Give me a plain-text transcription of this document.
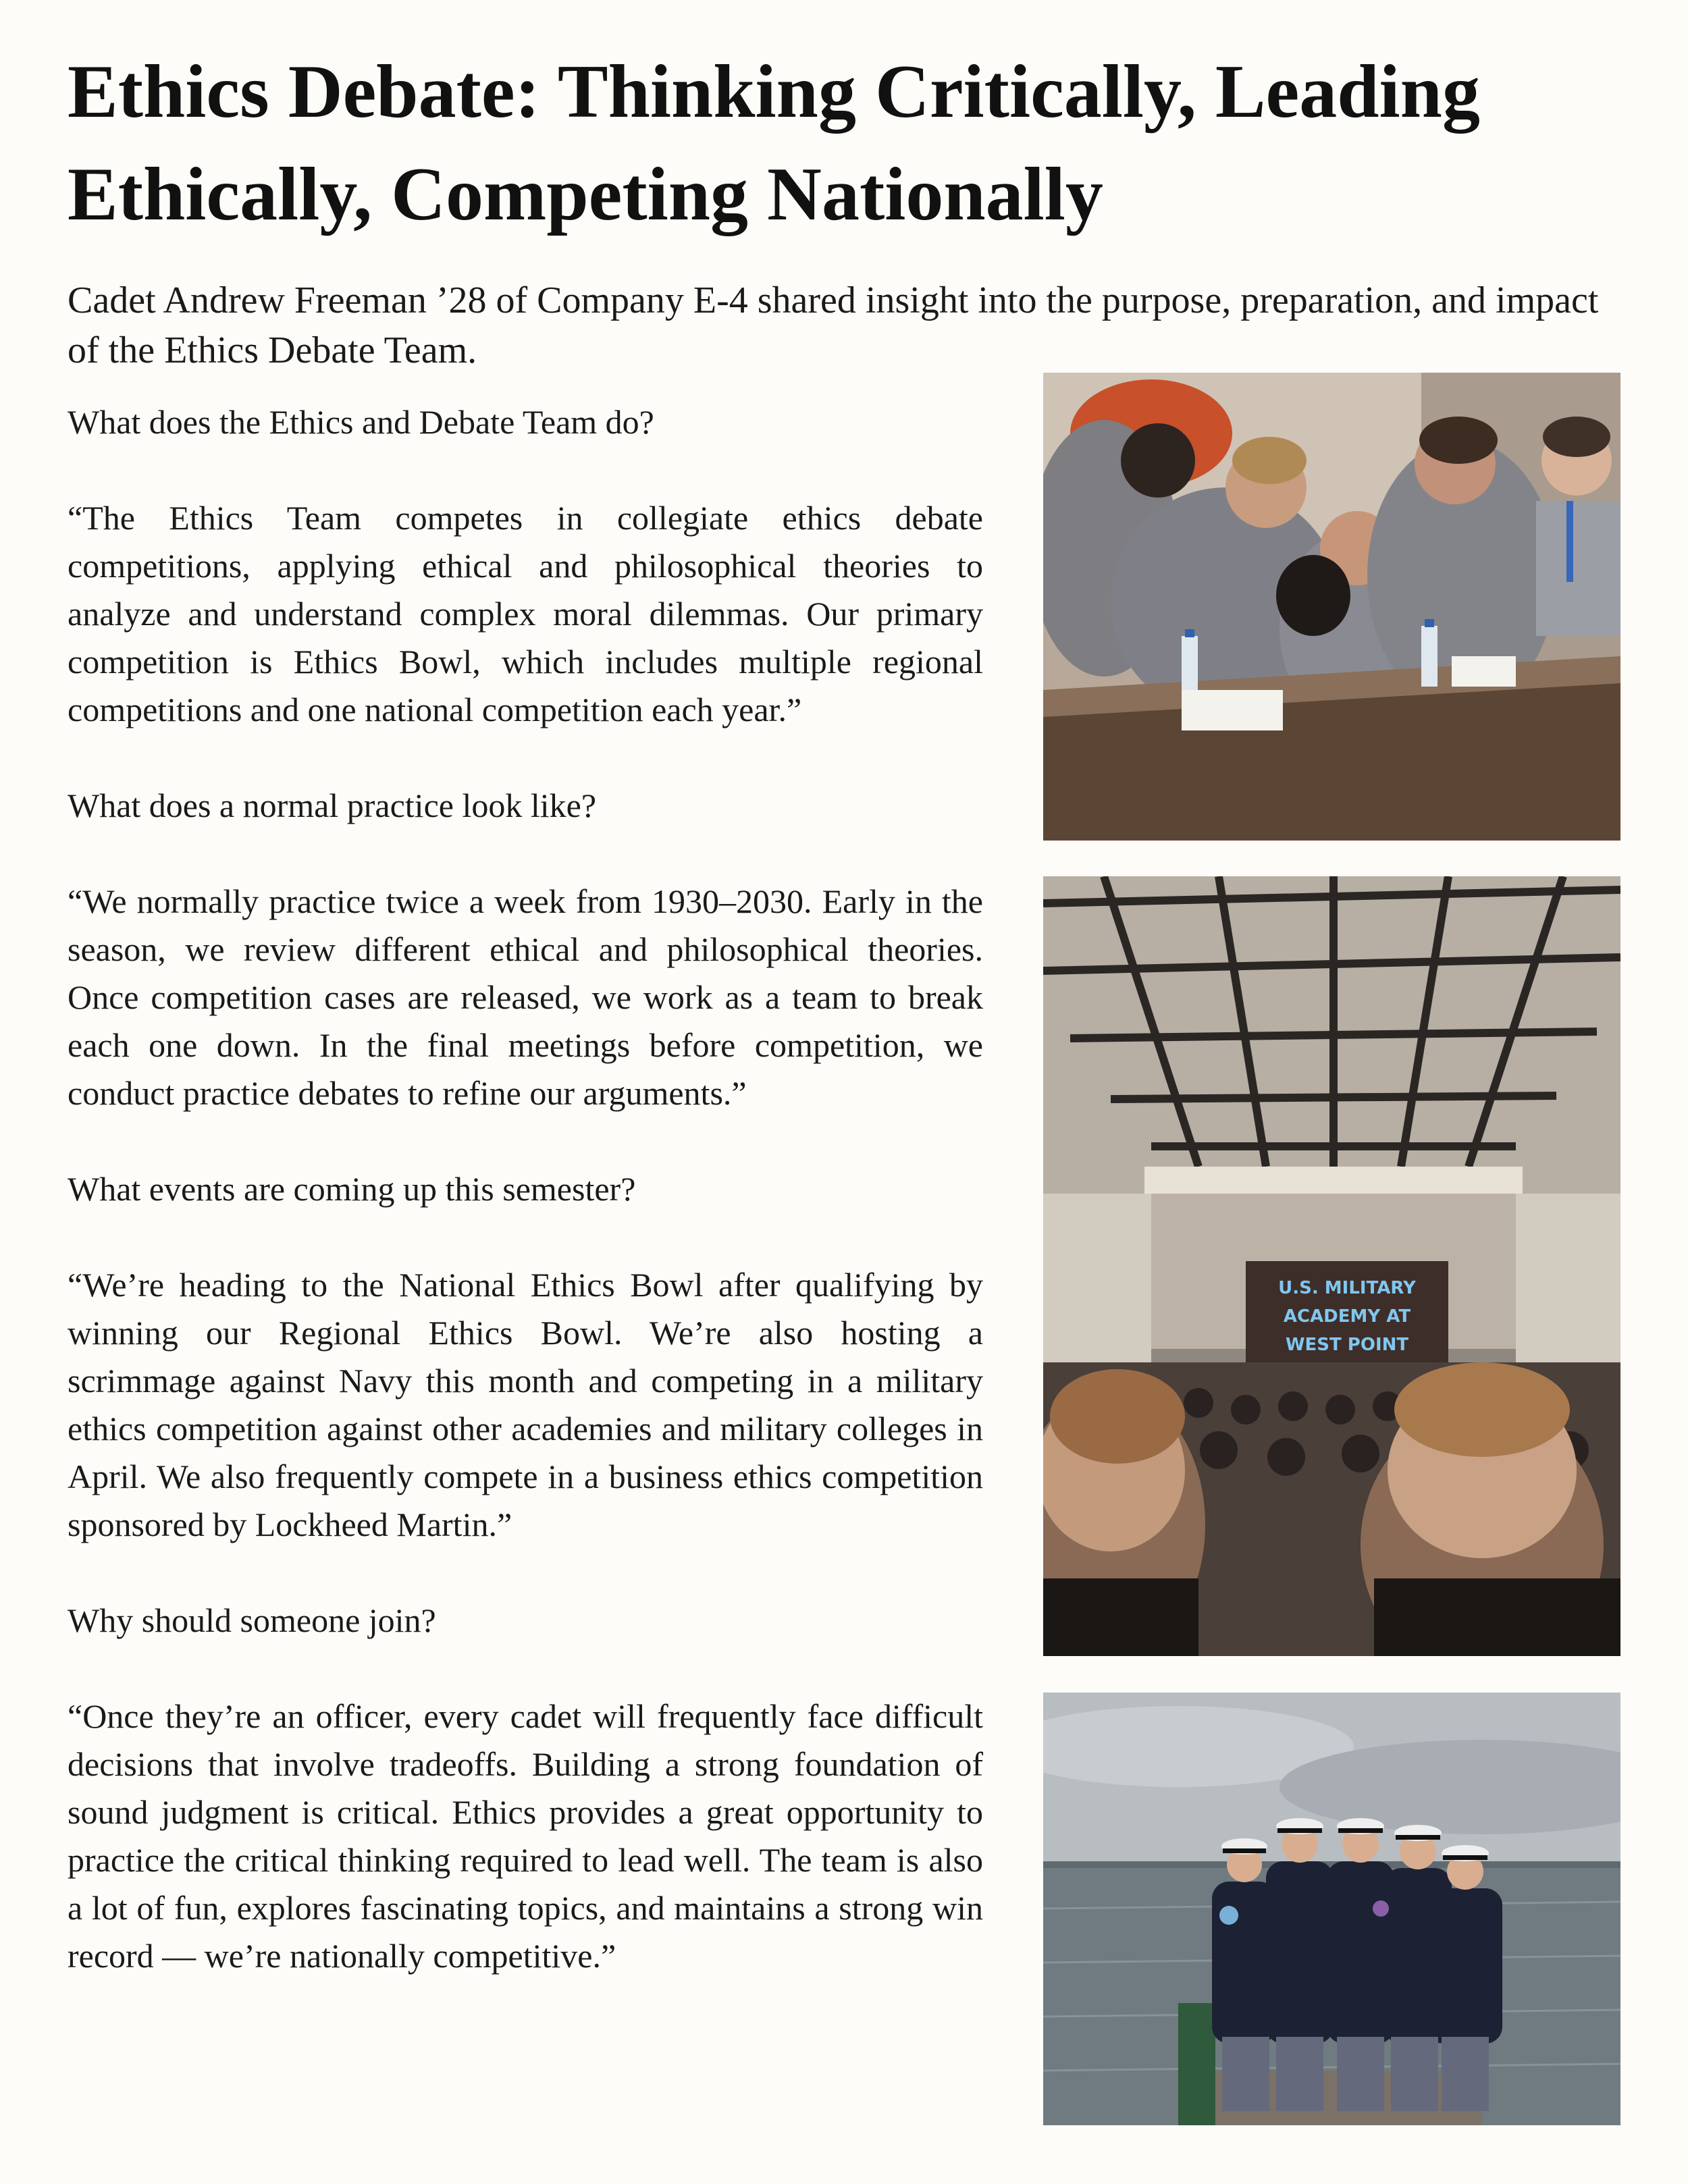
Ethics Debate: Thinking Critically, Leading Ethically, Competing Nationally

Cadet Andrew Freeman ’28 of Company E-4 shared insight into the purpose, preparation, and impact of the Ethics Debate Team.

What does the Ethics and Debate Team do?

“The Ethics Team competes in collegiate ethics debate competitions, applying ethical and philosophical theories to analyze and understand complex moral dilemmas. Our primary competition is Ethics Bowl, which includes multiple regional competitions and one national competition each year.”

What does a normal practice look like?

“We normally practice twice a week from 1930–2030. Early in the season, we review different ethical and philosophical theories. Once competition cases are released, we work as a team to break each one down. In the final meetings before competition, we conduct practice debates to refine our arguments.”

What events are coming up this semester?

“We’re heading to the National Ethics Bowl after qualifying by winning our Regional Ethics Bowl. We’re also hosting a scrimmage against Navy this month and competing in a military ethics competition against other academies and military colleges in April. We also frequently compete in a business ethics competition sponsored by Lockheed Martin.”

Why should someone join?

“Once they’re an officer, every cadet will frequently face difficult decisions that involve tradeoffs. Building a strong foundation of sound judgment is critical. Ethics provides a great opportunity to practice the critical thinking required to lead well. The team is also a lot of fun, explores fascinating topics, and maintains a strong win record — we’re nationally competitive.”

U.S. MILITARY
ACADEMY AT
WEST POINT
